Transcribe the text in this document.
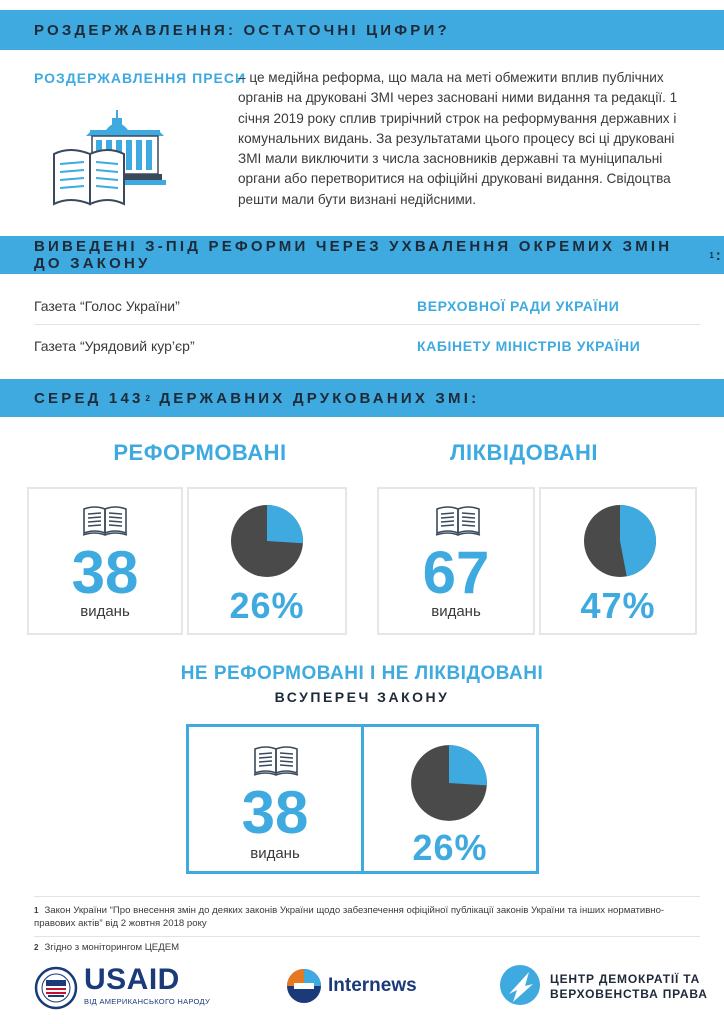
РОЗДЕРЖАВЛЕННЯ: ОСТАТОЧНІ ЦИФРИ?
РОЗДЕРЖАВЛЕННЯ ПРЕСИ
– це медійна реформа, що мала на меті обмежити вплив публічних органів на друковані ЗМІ через засновані ними видання та редакції. 1 січня 2019 року сплив трирічний строк на реформування державних і комунальних видань. За результатами цього процесу всі ці друковані ЗМІ мали виключити з числа засновників державні та муніципальні органи або перетворитися на офіційні друковані видання. Свідоцтва решти мали бути визнані недійсними.
ВИВЕДЕНІ З-ПІД РЕФОРМИ ЧЕРЕЗ УХВАЛЕННЯ ОКРЕМИХ ЗМІН ДО ЗАКОНУ	1 :
Газета “Голос України”	ВЕРХОВНОЇ РАДИ УКРАЇНИ
Газета “Урядовий кур’єр”	КАБІНЕТУ МІНІСТРІВ УКРАЇНИ
СЕРЕД 143 2
ДЕРЖАВНИХ ДРУКОВАНИХ ЗМІ:
РЕФОРМОВАНІ
38
видань	26%
ЛІКВІДОВАНІ
67
видань	47%
НЕ РЕФОРМОВАНІ І НЕ ЛІКВІДОВАНІ
ВСУПЕРЕЧ ЗАКОНУ
38
видань	26%
$^1$ Закон України “Про внесення змін до деяких законів України щодо забезпечення офіційної публікації законів України та інших нормативно-правових актів” від 2 жовтня 2018 року
$^2$ Згідно з моніторингом ЦЕДЕМ
USAID
ВІД АМЕРИКАНСЬКОГО НАРОДУ
Internews	ЦЕНТР ДЕМОКРАТІЇ ТА
ВЕРХОВЕНСТВА ПРАВА
